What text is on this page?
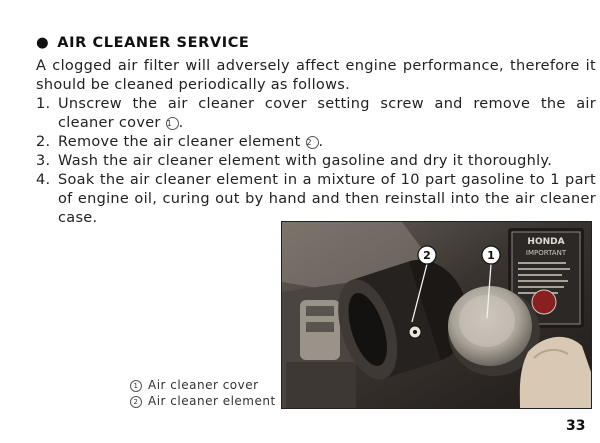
● AIR CLEANER SERVICE
A clogged air filter will adversely affect engine performance, therefore it should be cleaned periodically as follows.
1. Unscrew the air cleaner cover setting screw and remove the air cleaner cover 1 .
2. Remove the air cleaner element 2 .
3. Wash the air cleaner element with gasoline and dry it thoroughly.
4. Soak the air cleaner element in a mixture of 10 part gasoline to 1 part of engine oil, curing out by hand and then reinstall into the air cleaner case.
HONDA
IMPORTANT
2	1
1 Air cleaner cover
2 Air cleaner element
33
